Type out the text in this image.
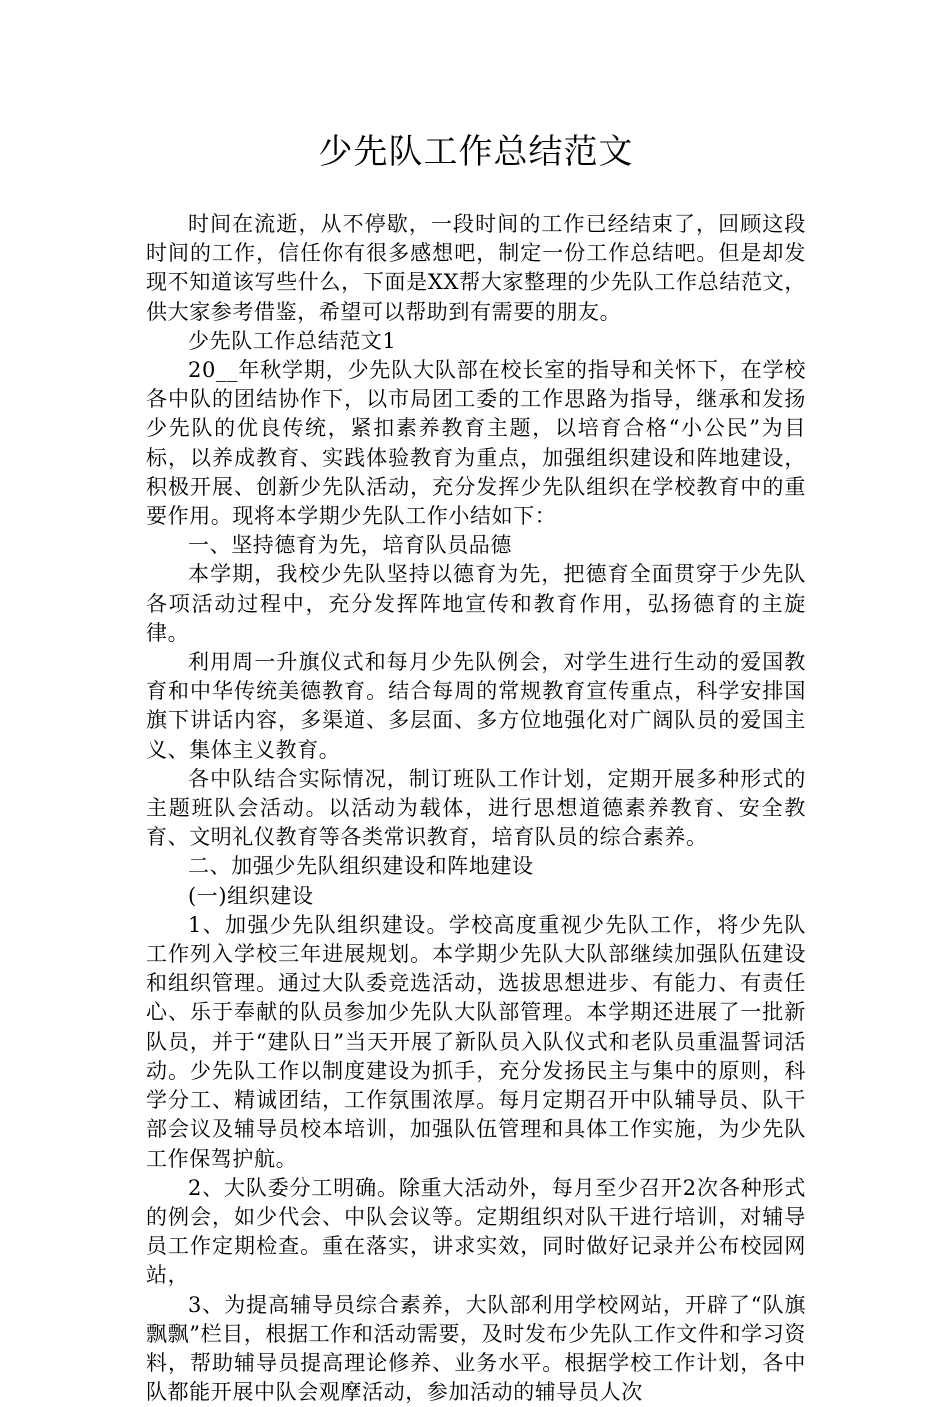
少先队工作总结范文

时间在流逝，从不停歇，一段时间的工作已经结束了，回顾这段时间的工作，信任你有很多感想吧，制定一份工作总结吧。但是却发现不知道该写些什么，下面是XX帮大家整理的少先队工作总结范文，供大家参考借鉴，希望可以帮助到有需要的朋友。

少先队工作总结范文1

20__年秋学期，少先队大队部在校长室的指导和关怀下，在学校各中队的团结协作下，以市局团工委的工作思路为指导，继承和发扬少先队的优良传统，紧扣素养教育主题，以培育合格“小公民”为目标，以养成教育、实践体验教育为重点，加强组织建设和阵地建设，积极开展、创新少先队活动，充分发挥少先队组织在学校教育中的重要作用。现将本学期少先队工作小结如下：

一、坚持德育为先，培育队员品德

本学期，我校少先队坚持以德育为先，把德育全面贯穿于少先队各项活动过程中，充分发挥阵地宣传和教育作用，弘扬德育的主旋律。

利用周一升旗仪式和每月少先队例会，对学生进行生动的爱国教育和中华传统美德教育。结合每周的常规教育宣传重点，科学安排国旗下讲话内容，多渠道、多层面、多方位地强化对广阔队员的爱国主义、集体主义教育。

各中队结合实际情况，制订班队工作计划，定期开展多种形式的主题班队会活动。以活动为载体，进行思想道德素养教育、安全教育、文明礼仪教育等各类常识教育，培育队员的综合素养。

二、加强少先队组织建设和阵地建设

(一)组织建设

1、加强少先队组织建设。学校高度重视少先队工作，将少先队工作列入学校三年进展规划。本学期少先队大队部继续加强队伍建设和组织管理。通过大队委竞选活动，选拔思想进步、有能力、有责任心、乐于奉献的队员参加少先队大队部管理。本学期还进展了一批新队员，并于“建队日”当天开展了新队员入队仪式和老队员重温誓词活动。少先队工作以制度建设为抓手，充分发扬民主与集中的原则，科学分工、精诚团结，工作氛围浓厚。每月定期召开中队辅导员、队干部会议及辅导员校本培训，加强队伍管理和具体工作实施，为少先队工作保驾护航。

2、大队委分工明确。除重大活动外，每月至少召开2次各种形式的例会，如少代会、中队会议等。定期组织对队干进行培训，对辅导员工作定期检查。重在落实，讲求实效，同时做好记录并公布校园网站，

3、为提高辅导员综合素养，大队部利用学校网站，开辟了“队旗飘飘”栏目，根据工作和活动需要，及时发布少先队工作文件和学习资料，帮助辅导员提高理论修养、业务水平。根据学校工作计划，各中队都能开展中队会观摩活动，参加活动的辅导员人次
